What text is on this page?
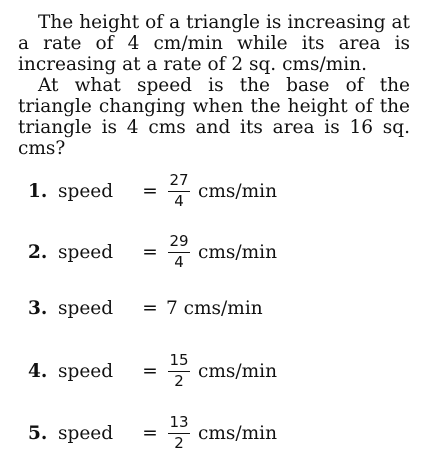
The height of a triangle is increasing at a rate of 4 cm/min while its area is increasing at a rate of 2 sq. cms/min.

At what speed is the base of the triangle changing when the height of the triangle is 4 cms and its area is 16 sq. cms?

1. speed	= $\frac{27}{4} cms/\min$
2. speed	= $\frac{29}{4} cms/\min$
3. speed	= 7 cms/min
4. speed	= $\frac{15}{2} cms/\min$
5. speed	= $\frac{13}{2} cms/\min$
